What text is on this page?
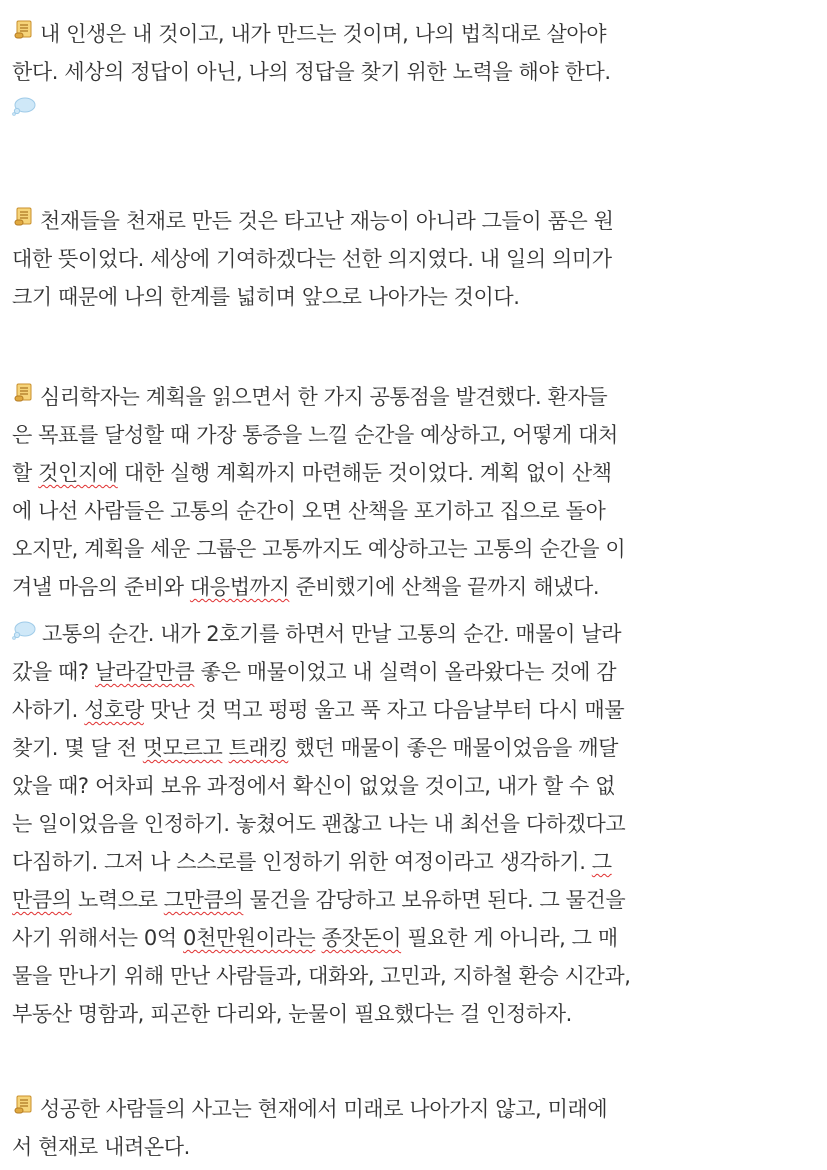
내 인생은 내 것이고, 내가 만드는 것이며, 나의 법칙대로 살아야
한다. 세상의 정답이 아닌, 나의 정답을 찾기 위한 노력을 해야 한다.
천재들을 천재로 만든 것은 타고난 재능이 아니라 그들이 품은 원
대한 뜻이었다. 세상에 기여하겠다는 선한 의지였다. 내 일의 의미가
크기 때문에 나의 한계를 넓히며 앞으로 나아가는 것이다.
심리학자는 계획을 읽으면서 한 가지 공통점을 발견했다. 환자들
은 목표를 달성할 때 가장 통증을 느낄 순간을 예상하고, 어떻게 대처
할 것인지에 대한 실행 계획까지 마련해둔 것이었다. 계획 없이 산책
에 나선 사람들은 고통의 순간이 오면 산책을 포기하고 집으로 돌아
오지만, 계획을 세운 그룹은 고통까지도 예상하고는 고통의 순간을 이
겨낼 마음의 준비와 대응법까지 준비했기에 산책을 끝까지 해냈다.
고통의 순간. 내가 2호기를 하면서 만날 고통의 순간. 매물이 날라
갔을 때? 날라갈만큼 좋은 매물이었고 내 실력이 올라왔다는 것에 감
사하기. 성호랑 맛난 것 먹고 펑펑 울고 푹 자고 다음날부터 다시 매물
찾기. 몇 달 전 멋모르고 트래킹 했던 매물이 좋은 매물이었음을 깨달
았을 때? 어차피 보유 과정에서 확신이 없었을 것이고, 내가 할 수 없
는 일이었음을 인정하기. 놓쳤어도 괜찮고 나는 내 최선을 다하겠다고
다짐하기. 그저 나 스스로를 인정하기 위한 여정이라고 생각하기. 그
만큼의 노력으로 그만큼의 물건을 감당하고 보유하면 된다. 그 물건을
사기 위해서는 0억 0천만원이라는 종잣돈이 필요한 게 아니라, 그 매
물을 만나기 위해 만난 사람들과, 대화와, 고민과, 지하철 환승 시간과,
부동산 명함과, 피곤한 다리와, 눈물이 필요했다는 걸 인정하자.
성공한 사람들의 사고는 현재에서 미래로 나아가지 않고, 미래에
서 현재로 내려온다.
